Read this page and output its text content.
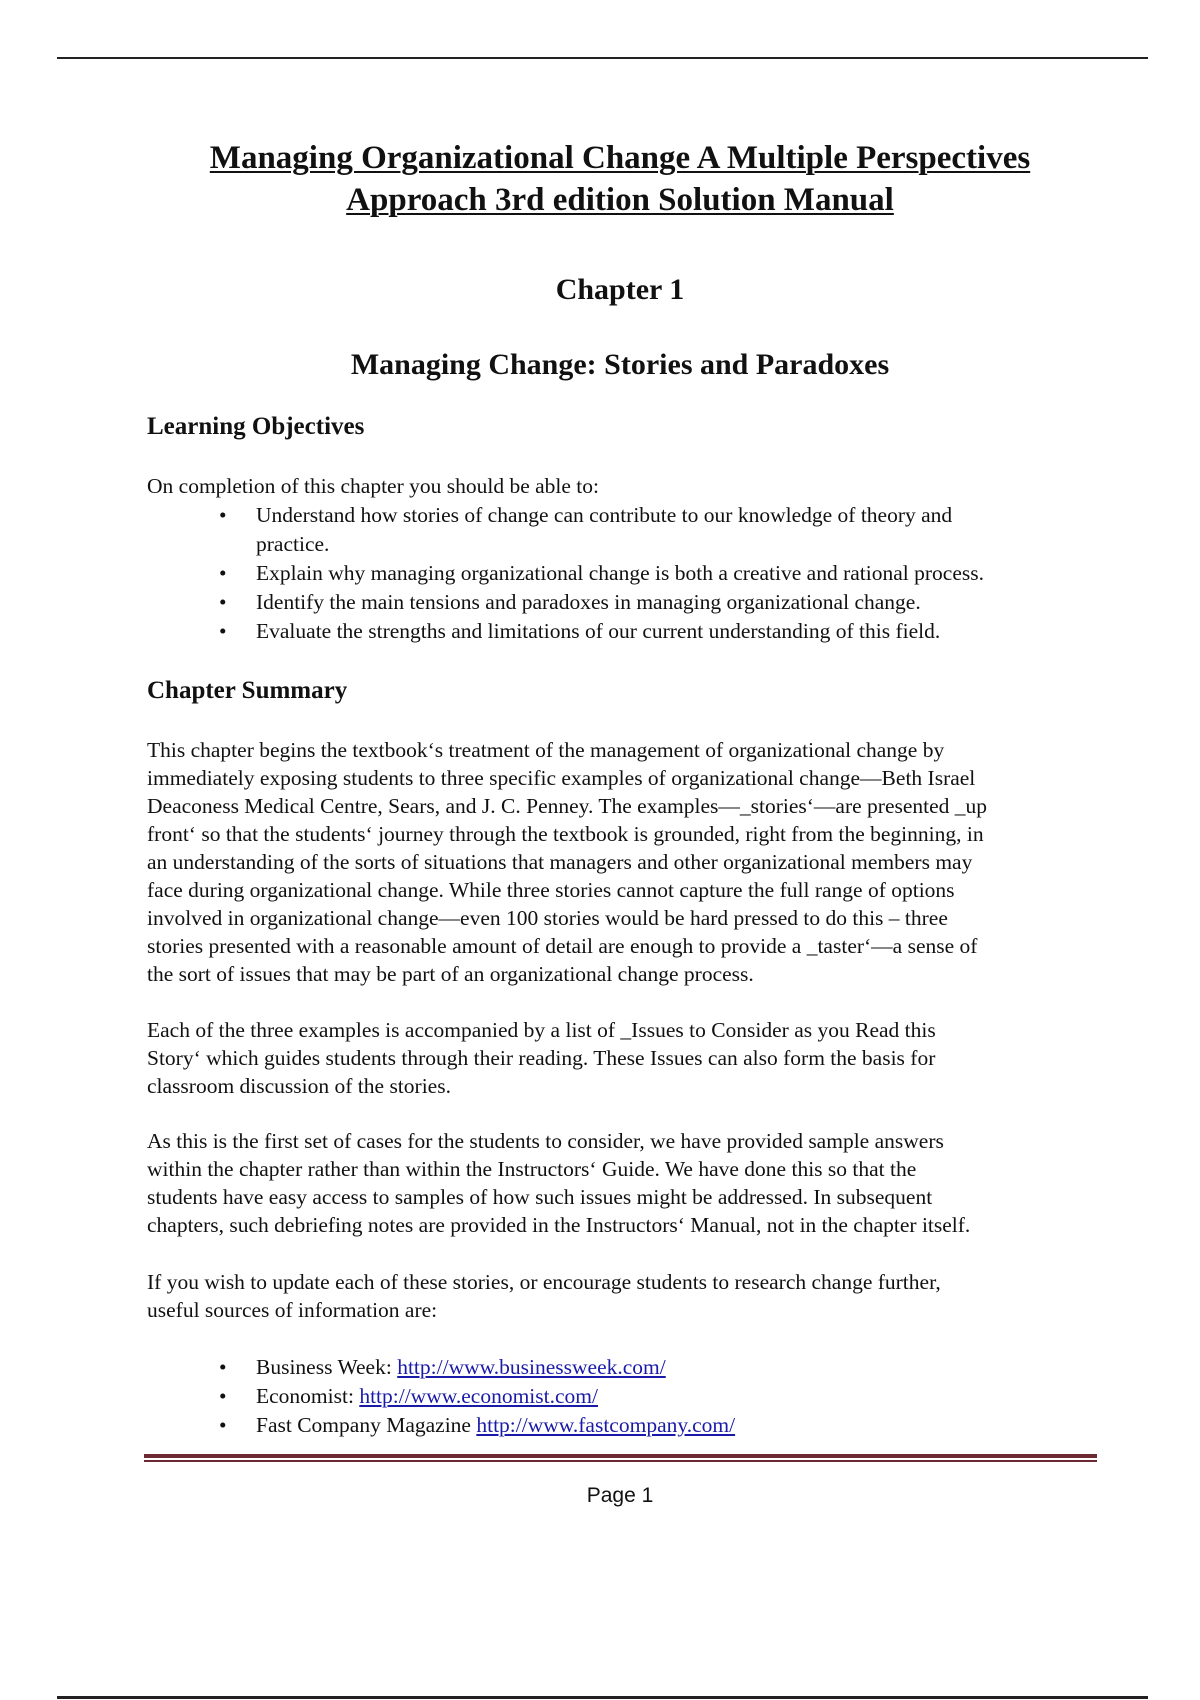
Managing Organizational Change A Multiple Perspectives
Approach 3rd edition Solution Manual
Chapter 1
Managing Change: Stories and Paradoxes
Learning Objectives
On completion of this chapter you should be able to:
• Understand how stories of change can contribute to our knowledge of theory and
practice.
• Explain why managing organizational change is both a creative and rational process.
• Identify the main tensions and paradoxes in managing organizational change.
• Evaluate the strengths and limitations of our current understanding of this field.
Chapter Summary
This chapter begins the textbook‘s treatment of the management of organizational change by
immediately exposing students to three specific examples of organizational change—Beth Israel
Deaconess Medical Centre, Sears, and J. C. Penney. The examples—_stories‘—are presented _up
front‘ so that the students‘ journey through the textbook is grounded, right from the beginning, in
an understanding of the sorts of situations that managers and other organizational members may
face during organizational change. While three stories cannot capture the full range of options
involved in organizational change—even 100 stories would be hard pressed to do this – three
stories presented with a reasonable amount of detail are enough to provide a _taster‘—a sense of
the sort of issues that may be part of an organizational change process.
Each of the three examples is accompanied by a list of _Issues to Consider as you Read this
Story‘ which guides students through their reading. These Issues can also form the basis for
classroom discussion of the stories.
As this is the first set of cases for the students to consider, we have provided sample answers
within the chapter rather than within the Instructors‘ Guide. We have done this so that the
students have easy access to samples of how such issues might be addressed. In subsequent
chapters, such debriefing notes are provided in the Instructors‘ Manual, not in the chapter itself.
If you wish to update each of these stories, or encourage students to research change further,
useful sources of information are:
• Business Week: http://www.businessweek.com/
• Economist: http://www.economist.com/
• Fast Company Magazine http://www.fastcompany.com/
Page 1
